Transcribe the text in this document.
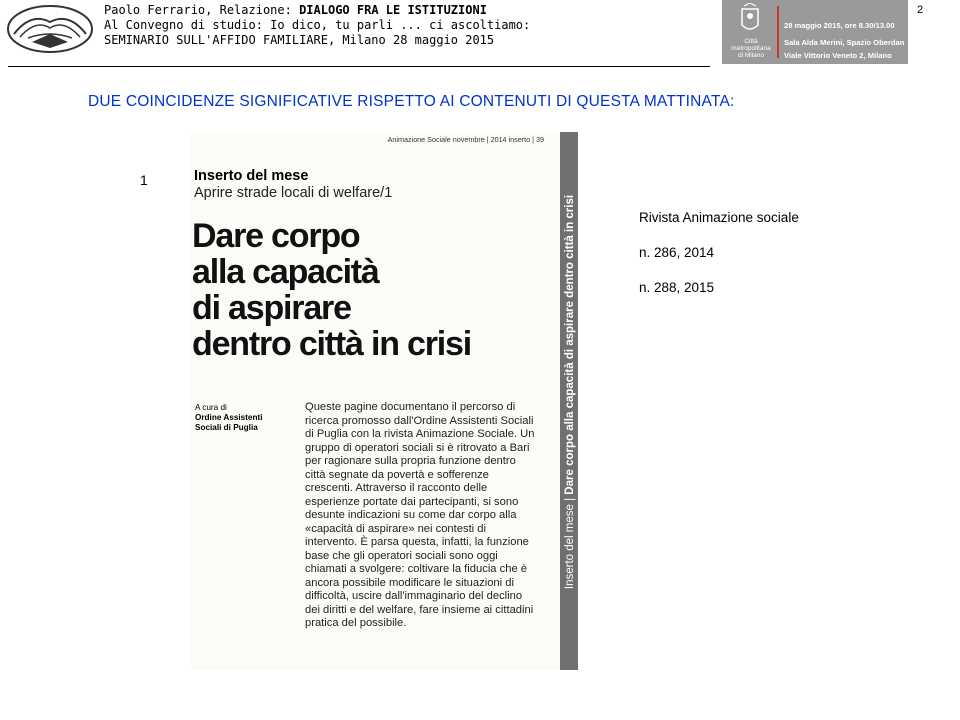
Paolo Ferrario, Relazione: DIALOGO FRA LE ISTITUZIONI
Al Convegno di studio: Io dico, tu parli ... ci ascoltiamo:
SEMINARIO SULL'AFFIDO FAMILIARE, Milano 28 maggio 2015	Città metropolitana di Milano
28 maggio 2015, ore 8.30/13.00
Sala Alda Merini, Spazio Oberdan
Viale Vittorio Veneto 2, Milano
2
DUE COINCIDENZE SIGNIFICATIVE RISPETTO AI CONTENUTI DI QUESTA MATTINATA:
1
Animazione Sociale novembre | 2014 inserto | 39
Inserto del mese
Aprire strade locali di welfare/1
Dare corpo
alla capacità
di aspirare
dentro città in crisi
A cura di
Ordine Assistenti
Sociali di Puglia
Queste pagine documentano il percorso di ricerca promosso dall'Ordine Assistenti Sociali di Puglia con la rivista Animazione Sociale. Un gruppo di operatori sociali si è ritrovato a Bari per ragionare sulla propria funzione dentro città segnate da povertà e sofferenze crescenti. Attraverso il racconto delle esperienze portate dai partecipanti, si sono desunte indicazioni su come dar corpo alla «capacità di aspirare» nei contesti di intervento. È parsa questa, infatti, la funzione base che gli operatori sociali sono oggi chiamati a svolgere: coltivare la fiducia che è ancora possibile modificare le situazioni di difficoltà, uscire dall'immaginario del declino dei diritti e del welfare, fare insieme ai cittadini pratica del possibile.
Inserto del mese | Dare corpo alla capacità di aspirare dentro città in crisi	Rivista Animazione sociale
n. 286, 2014
n. 288, 2015
